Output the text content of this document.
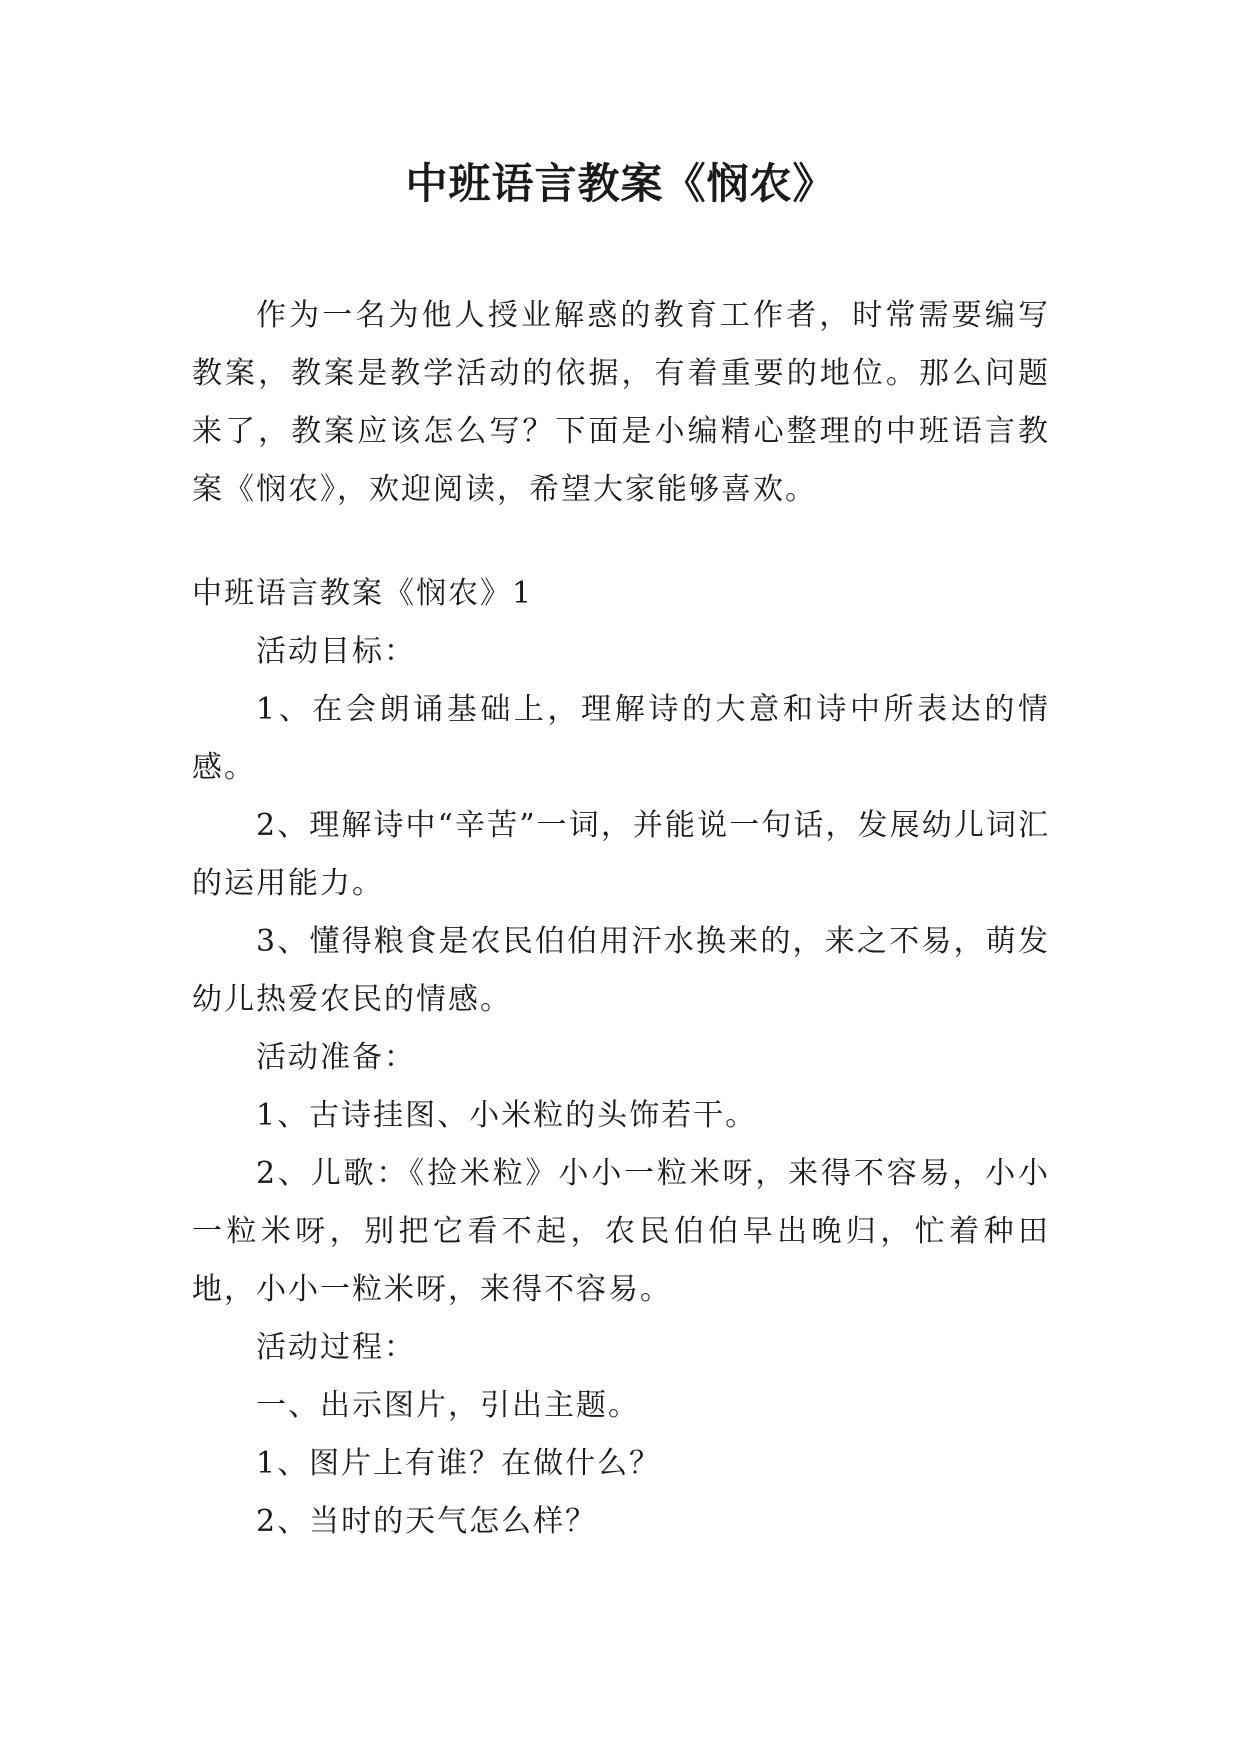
中班语言教案《悯农》

作为一名为他人授业解惑的教育工作者，时常需要编写教案，教案是教学活动的依据，有着重要的地位。那么问题来了，教案应该怎么写？下面是小编精心整理的中班语言教案《悯农》，欢迎阅读，希望大家能够喜欢。

中班语言教案《悯农》1

活动目标：

1、在会朗诵基础上，理解诗的大意和诗中所表达的情感。

2、理解诗中“辛苦”一词，并能说一句话，发展幼儿词汇的运用能力。

3、懂得粮食是农民伯伯用汗水换来的，来之不易，萌发幼儿热爱农民的情感。

活动准备：

1、古诗挂图、小米粒的头饰若干。

2、儿歌：《捡米粒》小小一粒米呀，来得不容易，小小一粒米呀，别把它看不起，农民伯伯早出晚归，忙着种田地，小小一粒米呀，来得不容易。

活动过程：

一、出示图片，引出主题。

1、图片上有谁？在做什么？

2、当时的天气怎么样？
